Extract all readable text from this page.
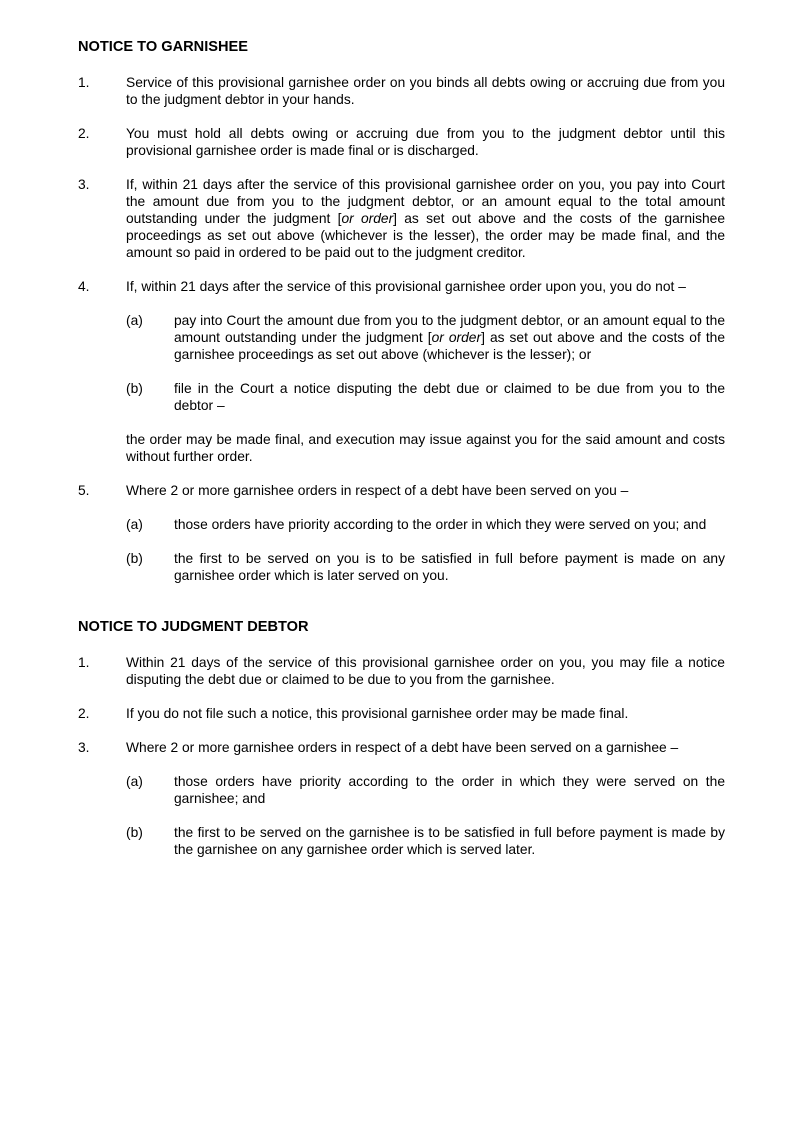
NOTICE TO GARNISHEE
1.	Service of this provisional garnishee order on you binds all debts owing or accruing due from you to the judgment debtor in your hands.
2.	You must hold all debts owing or accruing due from you to the judgment debtor until this provisional garnishee order is made final or is discharged.
3.	If, within 21 days after the service of this provisional garnishee order on you, you pay into Court the amount due from you to the judgment debtor, or an amount equal to the total amount outstanding under the judgment [or order] as set out above and the costs of the garnishee proceedings as set out above (whichever is the lesser), the order may be made final, and the amount so paid in ordered to be paid out to the judgment creditor.
4.	If, within 21 days after the service of this provisional garnishee order upon you, you do not –
(a)	pay into Court the amount due from you to the judgment debtor, or an amount equal to the amount outstanding under the judgment [or order] as set out above and the costs of the garnishee proceedings as set out above (whichever is the lesser); or
(b)	file in the Court a notice disputing the debt due or claimed to be due from you to the debtor –
the order may be made final, and execution may issue against you for the said amount and costs without further order.
5.	Where 2 or more garnishee orders in respect of a debt have been served on you –
(a)	those orders have priority according to the order in which they were served on you; and
(b)	the first to be served on you is to be satisfied in full before payment is made on any garnishee order which is later served on you.
NOTICE TO JUDGMENT DEBTOR
1.	Within 21 days of the service of this provisional garnishee order on you, you may file a notice disputing the debt due or claimed to be due to you from the garnishee.
2.	If you do not file such a notice, this provisional garnishee order may be made final.
3.	Where 2 or more garnishee orders in respect of a debt have been served on a garnishee –
(a)	those orders have priority according to the order in which they were served on the garnishee; and
(b)	the first to be served on the garnishee is to be satisfied in full before payment is made by the garnishee on any garnishee order which is served later.
